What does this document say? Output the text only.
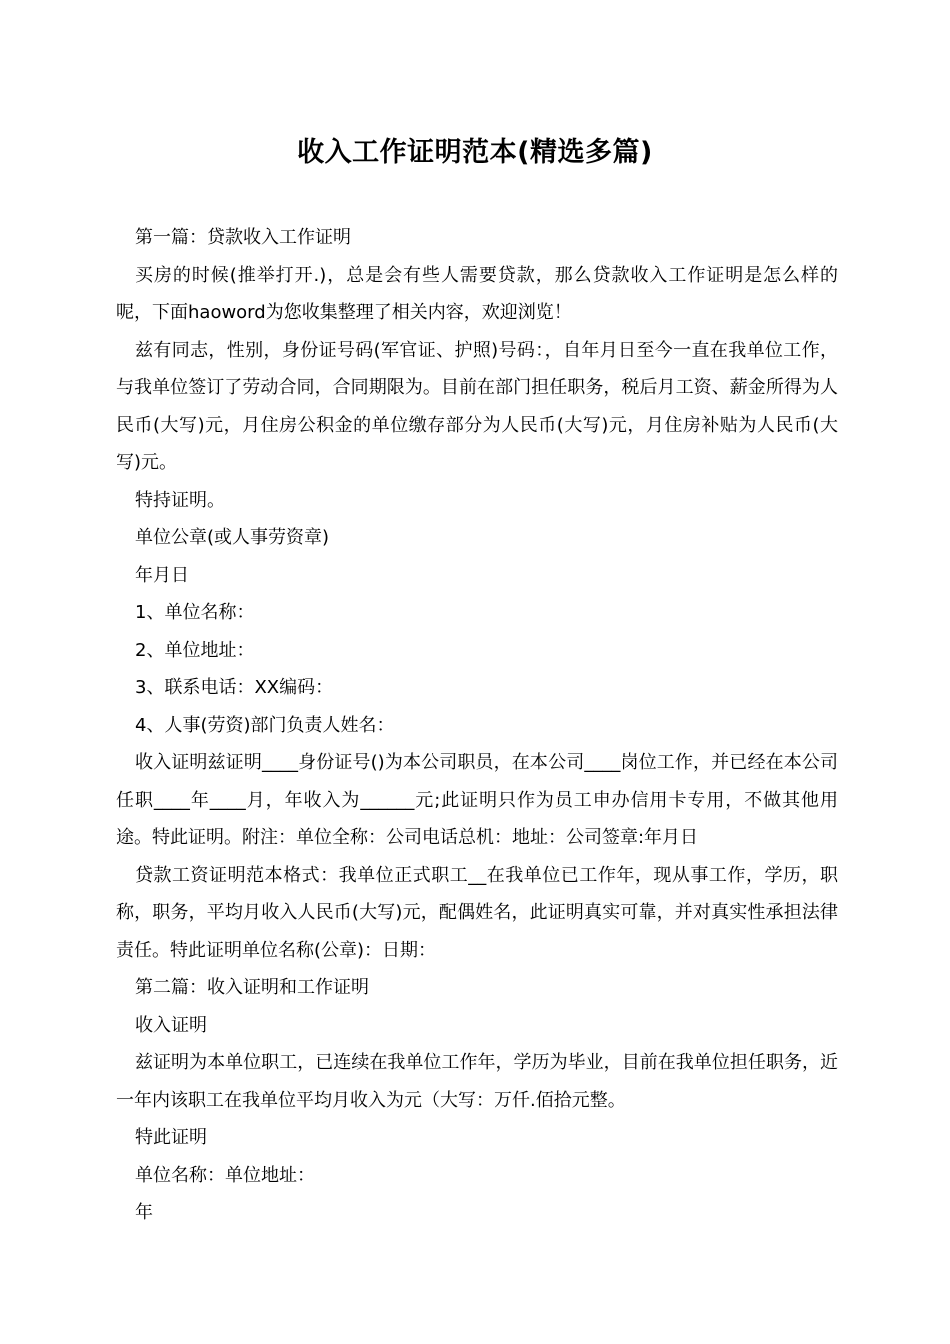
收入工作证明范本(精选多篇)

第一篇：贷款收入工作证明

买房的时候(推举打开.)，总是会有些人需要贷款，那么贷款收入工作证明是怎么样的呢，下面haoword为您收集整理了相关内容，欢迎浏览！

兹有同志，性别，身份证号码(军官证、护照)号码：，自年月日至今一直在我单位工作，与我单位签订了劳动合同，合同期限为。目前在部门担任职务，税后月工资、薪金所得为人民币(大写)元，月住房公积金的单位缴存部分为人民币(大写)元，月住房补贴为人民币(大写)元。

特持证明。

单位公章(或人事劳资章)

年月日

1、单位名称：

2、单位地址：

3、联系电话：XX编码：

4、人事(劳资)部门负责人姓名：

收入证明兹证明____身份证号()为本公司职员，在本公司____岗位工作，并已经在本公司任职____年____月，年收入为______元;此证明只作为员工申办信用卡专用，不做其他用途。特此证明。附注：单位全称：公司电话总机：地址：公司签章:年月日

贷款工资证明范本格式：我单位正式职工__在我单位已工作年，现从事工作，学历，职称，职务，平均月收入人民币(大写)元，配偶姓名，此证明真实可靠，并对真实性承担法律责任。特此证明单位名称(公章)：日期：

第二篇：收入证明和工作证明

收入证明

兹证明为本单位职工，已连续在我单位工作年，学历为毕业，目前在我单位担任职务，近一年内该职工在我单位平均月收入为元（大写：万仟.佰拾元整。

特此证明

单位名称：单位地址：

年
